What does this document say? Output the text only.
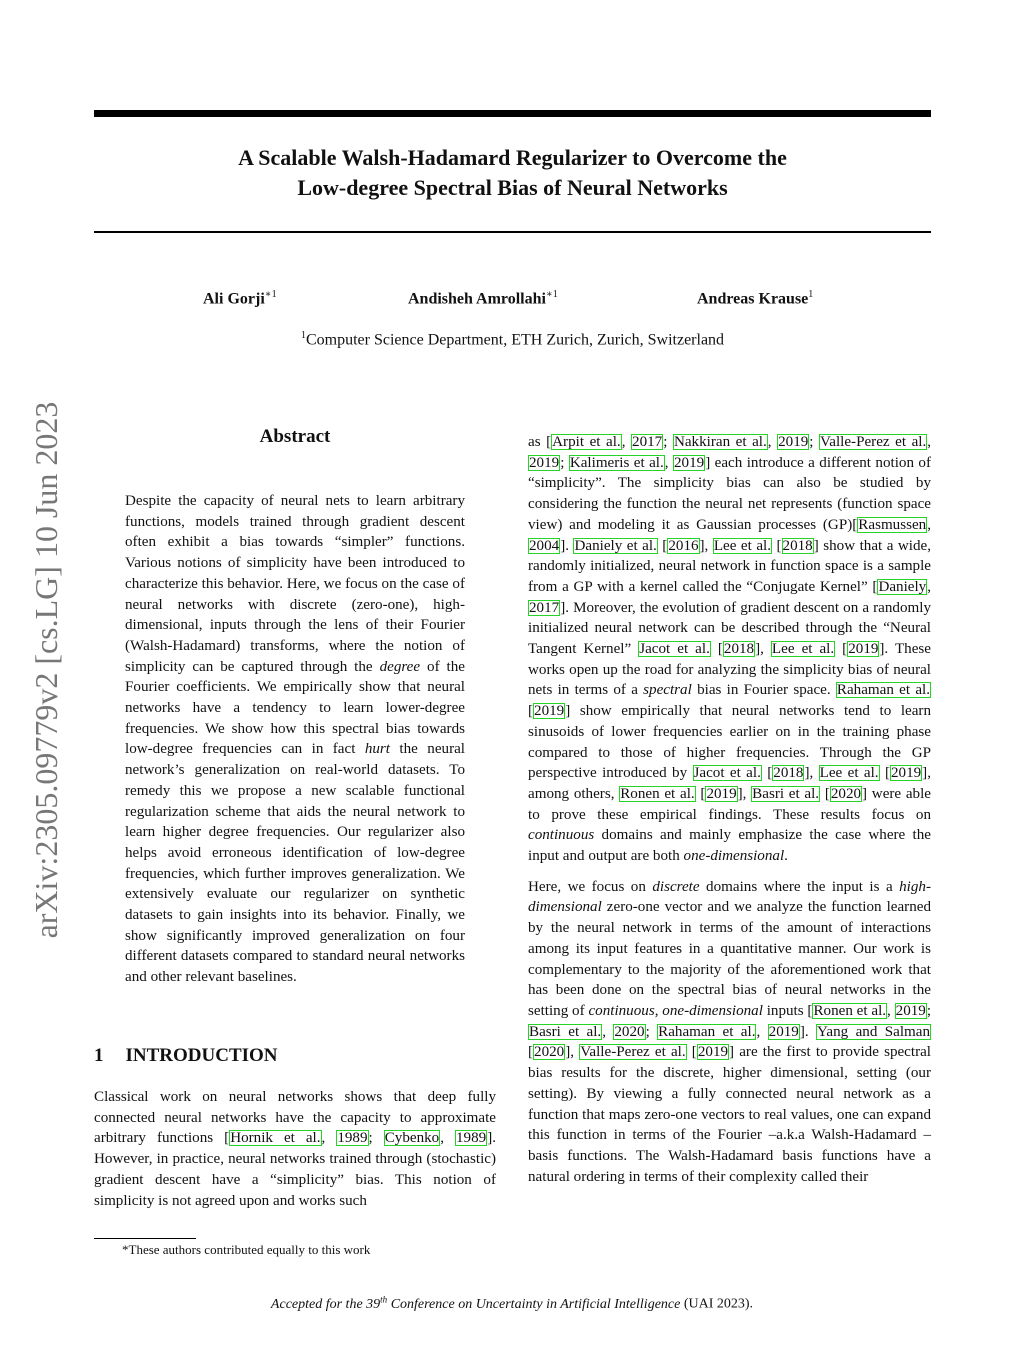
arXiv:2305.09779v2 [cs.LG] 10 Jun 2023
A Scalable Walsh-Hadamard Regularizer to Overcome the
Low-degree Spectral Bias of Neural Networks
Ali Gorji$^{∗1}$	Andisheh Amrollahi$^{∗1}$	Andreas Krause$^1$
$^1$Computer Science Department, ETH Zurich, Zurich, Switzerland
Abstract
Despite the capacity of neural nets to learn arbitrary functions, models trained through gradient descent often exhibit a bias towards “simpler” functions. Various notions of simplicity have been introduced to characterize this behavior. Here, we focus on the case of neural networks with discrete (zero-one), high-dimensional, inputs through the lens of their Fourier (Walsh-Hadamard) transforms, where the notion of simplicity can be captured through the degree of the Fourier coefficients. We empirically show that neural networks have a tendency to learn lower-degree frequencies. We show how this spectral bias towards low-degree frequencies can in fact hurt the neural network’s generalization on real-world datasets. To remedy this we propose a new scalable functional regularization scheme that aids the neural network to learn higher degree frequencies. Our regularizer also helps avoid erroneous identification of low-degree frequencies, which further improves generalization. We extensively evaluate our regularizer on synthetic datasets to gain insights into its behavior. Finally, we show significantly improved generalization on four different datasets compared to standard neural networks and other relevant baselines.
1 INTRODUCTION
Classical work on neural networks shows that deep fully connected neural networks have the capacity to approximate arbitrary functions [Hornik et al., 1989; Cybenko, 1989]. However, in practice, neural networks trained through (stochastic) gradient descent have a “simplicity” bias. This notion of simplicity is not agreed upon and works such
*These authors contributed equally to this work

as [Arpit et al., 2017; Nakkiran et al., 2019; Valle-Perez et al., 2019; Kalimeris et al., 2019] each introduce a different notion of “simplicity”. The simplicity bias can also be studied by considering the function the neural net represents (function space view) and modeling it as Gaussian processes (GP)[Rasmussen, 2004]. Daniely et al. [2016], Lee et al. [2018] show that a wide, randomly initialized, neural network in function space is a sample from a GP with a kernel called the “Conjugate Kernel” [Daniely, 2017]. Moreover, the evolution of gradient descent on a randomly initialized neural network can be described through the “Neural Tangent Kernel” Jacot et al. [2018], Lee et al. [2019]. These works open up the road for analyzing the simplicity bias of neural nets in terms of a spectral bias in Fourier space. Rahaman et al. [2019] show empirically that neural networks tend to learn sinusoids of lower frequencies earlier on in the training phase compared to those of higher frequencies. Through the GP perspective introduced by Jacot et al. [2018], Lee et al. [2019], among others, Ronen et al. [2019], Basri et al. [2020] were able to prove these empirical findings. These results focus on continuous domains and mainly emphasize the case where the input and output are both one-dimensional.

Here, we focus on discrete domains where the input is a high-dimensional zero-one vector and we analyze the function learned by the neural network in terms of the amount of interactions among its input features in a quantitative manner. Our work is complementary to the majority of the aforementioned work that has been done on the spectral bias of neural networks in the setting of continuous, one-dimensional inputs [Ronen et al., 2019; Basri et al., 2020; Rahaman et al., 2019]. Yang and Salman [2020], Valle-Perez et al. [2019] are the first to provide spectral bias results for the discrete, higher dimensional, setting (our setting). By viewing a fully connected neural network as a function that maps zero-one vectors to real values, one can expand this function in terms of the Fourier –a.k.a Walsh-Hadamard – basis functions. The Walsh-Hadamard basis functions have a natural ordering in terms of their complexity called their

Accepted for the 39th Conference on Uncertainty in Artificial Intelligence (UAI 2023).
